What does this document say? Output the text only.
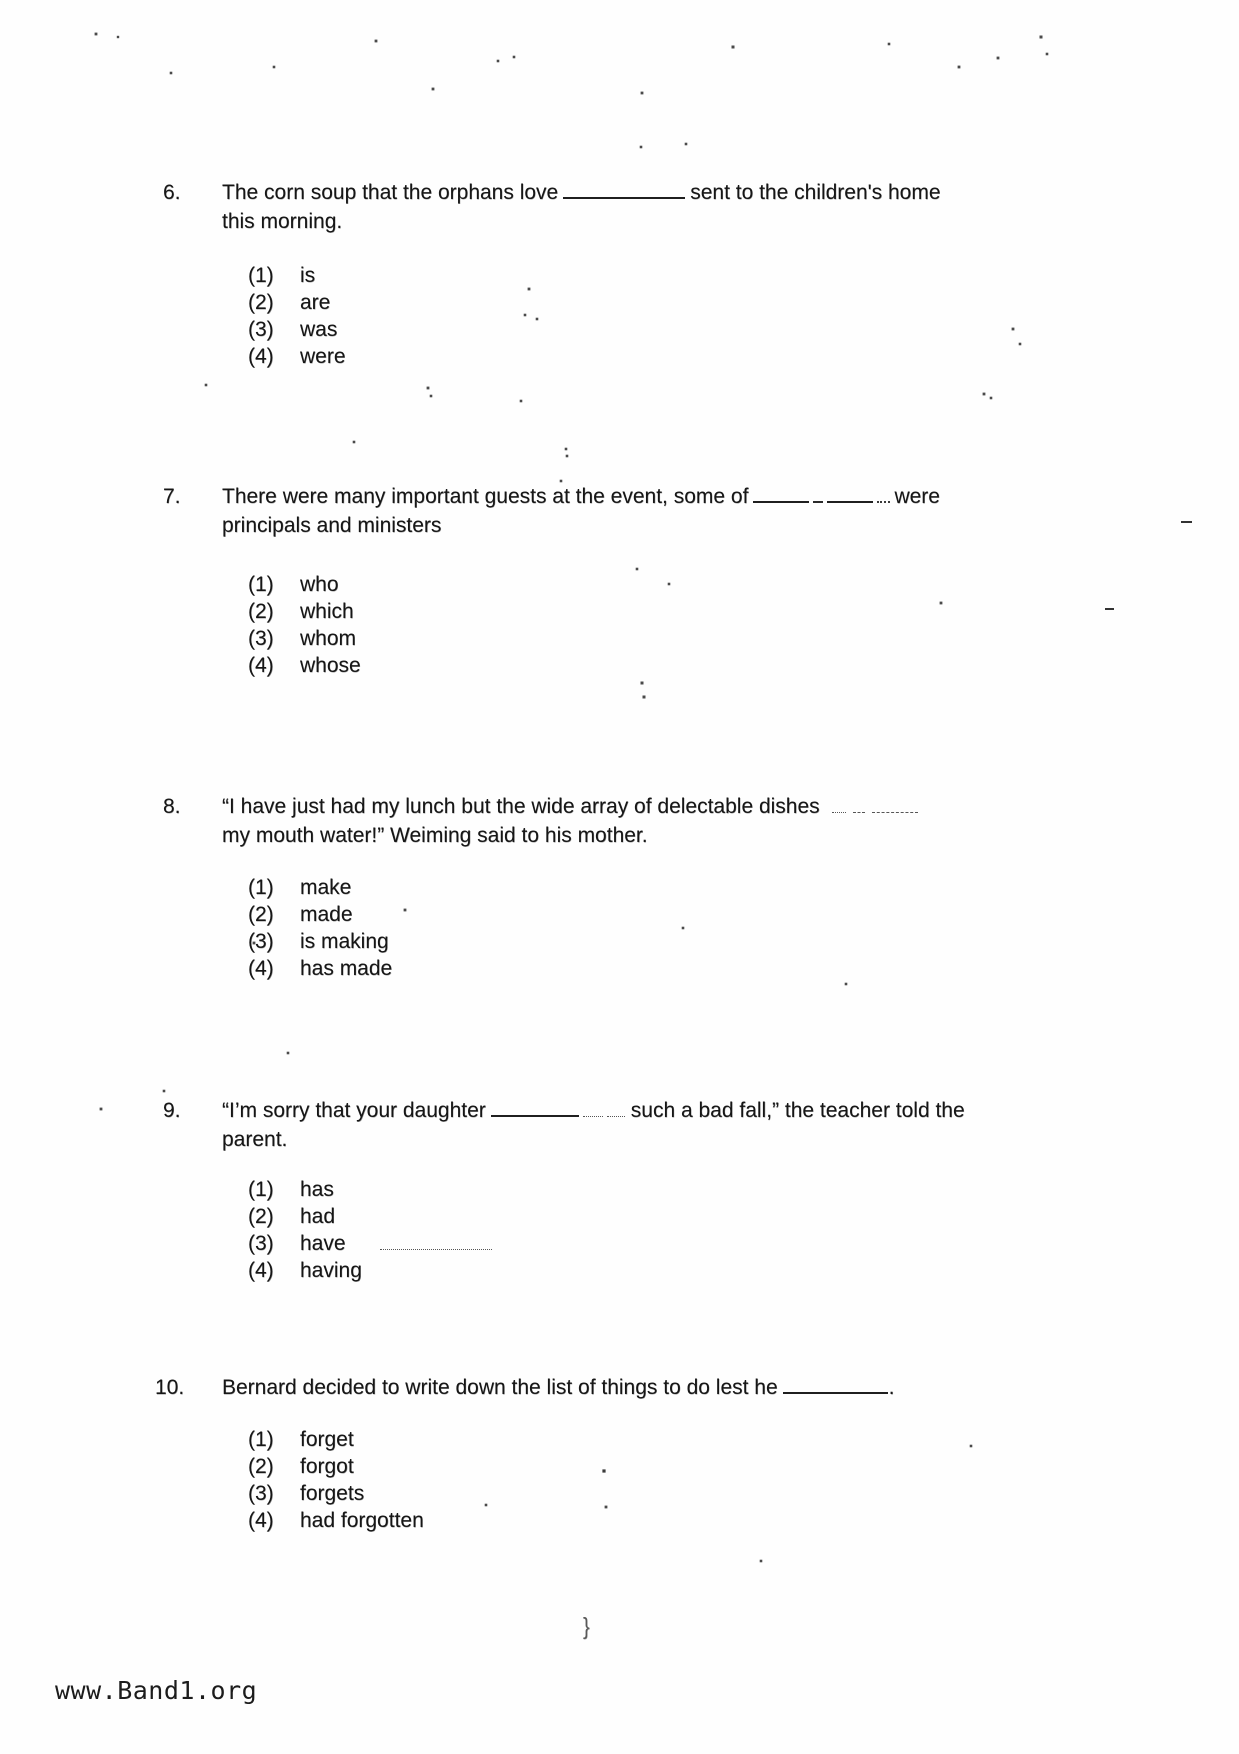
6. The corn soup that the orphans love	sent to the children's home
this morning.
(1) is
(2) are
(3) was
(4) were
7. There were many important guests at the event, some of	were
principals and ministers
(1) who
(2) which
(3) whom
(4) whose
8. “I have just had my lunch but the wide array of delectable dishes
my mouth water!” Weiming said to his mother.
(1) make
(2) made
(3) is making
(4) has made
9. “I’m sorry that your daughter	such a bad fall,” the teacher told the
parent.
(1) has
(2) had
(3) have
(4) having
10. Bernard decided to write down the list of things to do lest he	.
(1) forget
(2) forgot
(3) forgets
(4) had forgotten
}
www.Band1.org
